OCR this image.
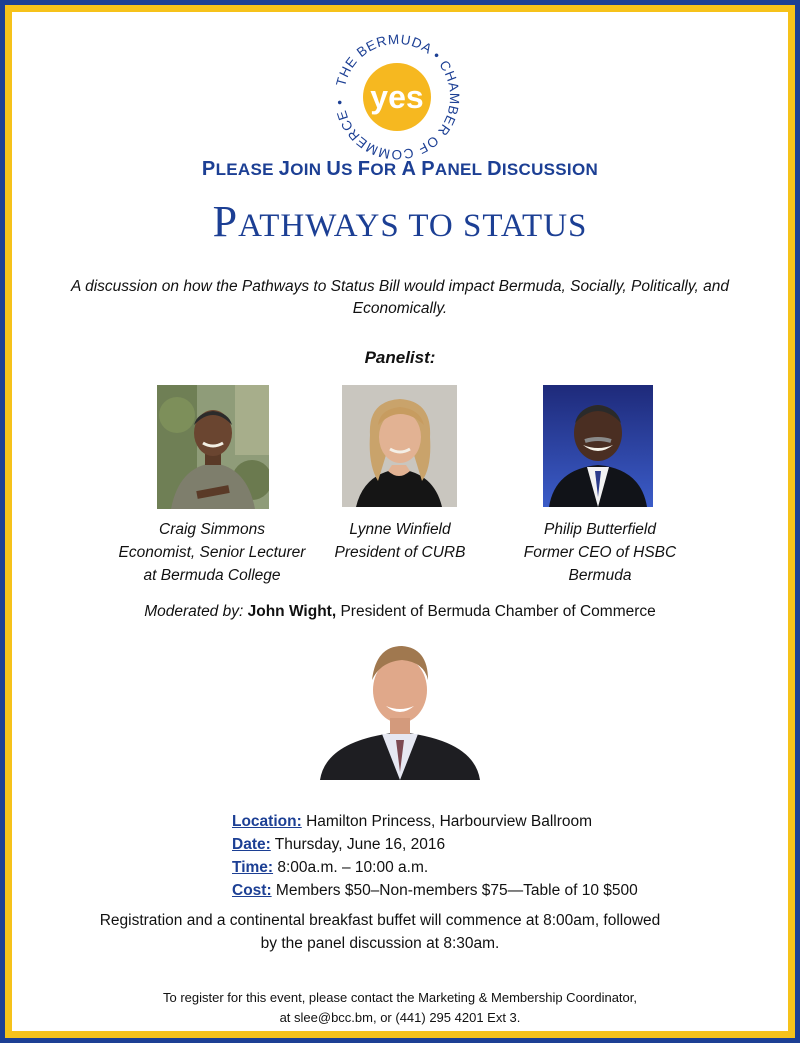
THE BERMUDA • CHAMBER OF COMMERCE • yes
PLEASE JOIN US FOR A PANEL DISCUSSION
PATHWAYS TO STATUS
A discussion on how the Pathways to Status Bill would impact Bermuda, Socially, Politically, and Economically.
Panelist:
Craig Simmons
Economist, Senior Lecturer
at Bermuda College
Lynne Winfield
President of CURB
Philip Butterfield
Former CEO of HSBC
Bermuda
Moderated by: John Wight, President of Bermuda Chamber of Commerce
Location: Hamilton Princess, Harbourview Ballroom
Date: Thursday, June 16, 2016
Time: 8:00a.m. – 10:00 a.m.
Cost: Members $50–Non-members $75—Table of 10 $500
Registration and a continental breakfast buffet will commence at 8:00am, followed
by the panel discussion at 8:30am.
To register for this event, please contact the Marketing & Membership Coordinator,
at slee@bcc.bm, or (441) 295 4201 Ext 3.
